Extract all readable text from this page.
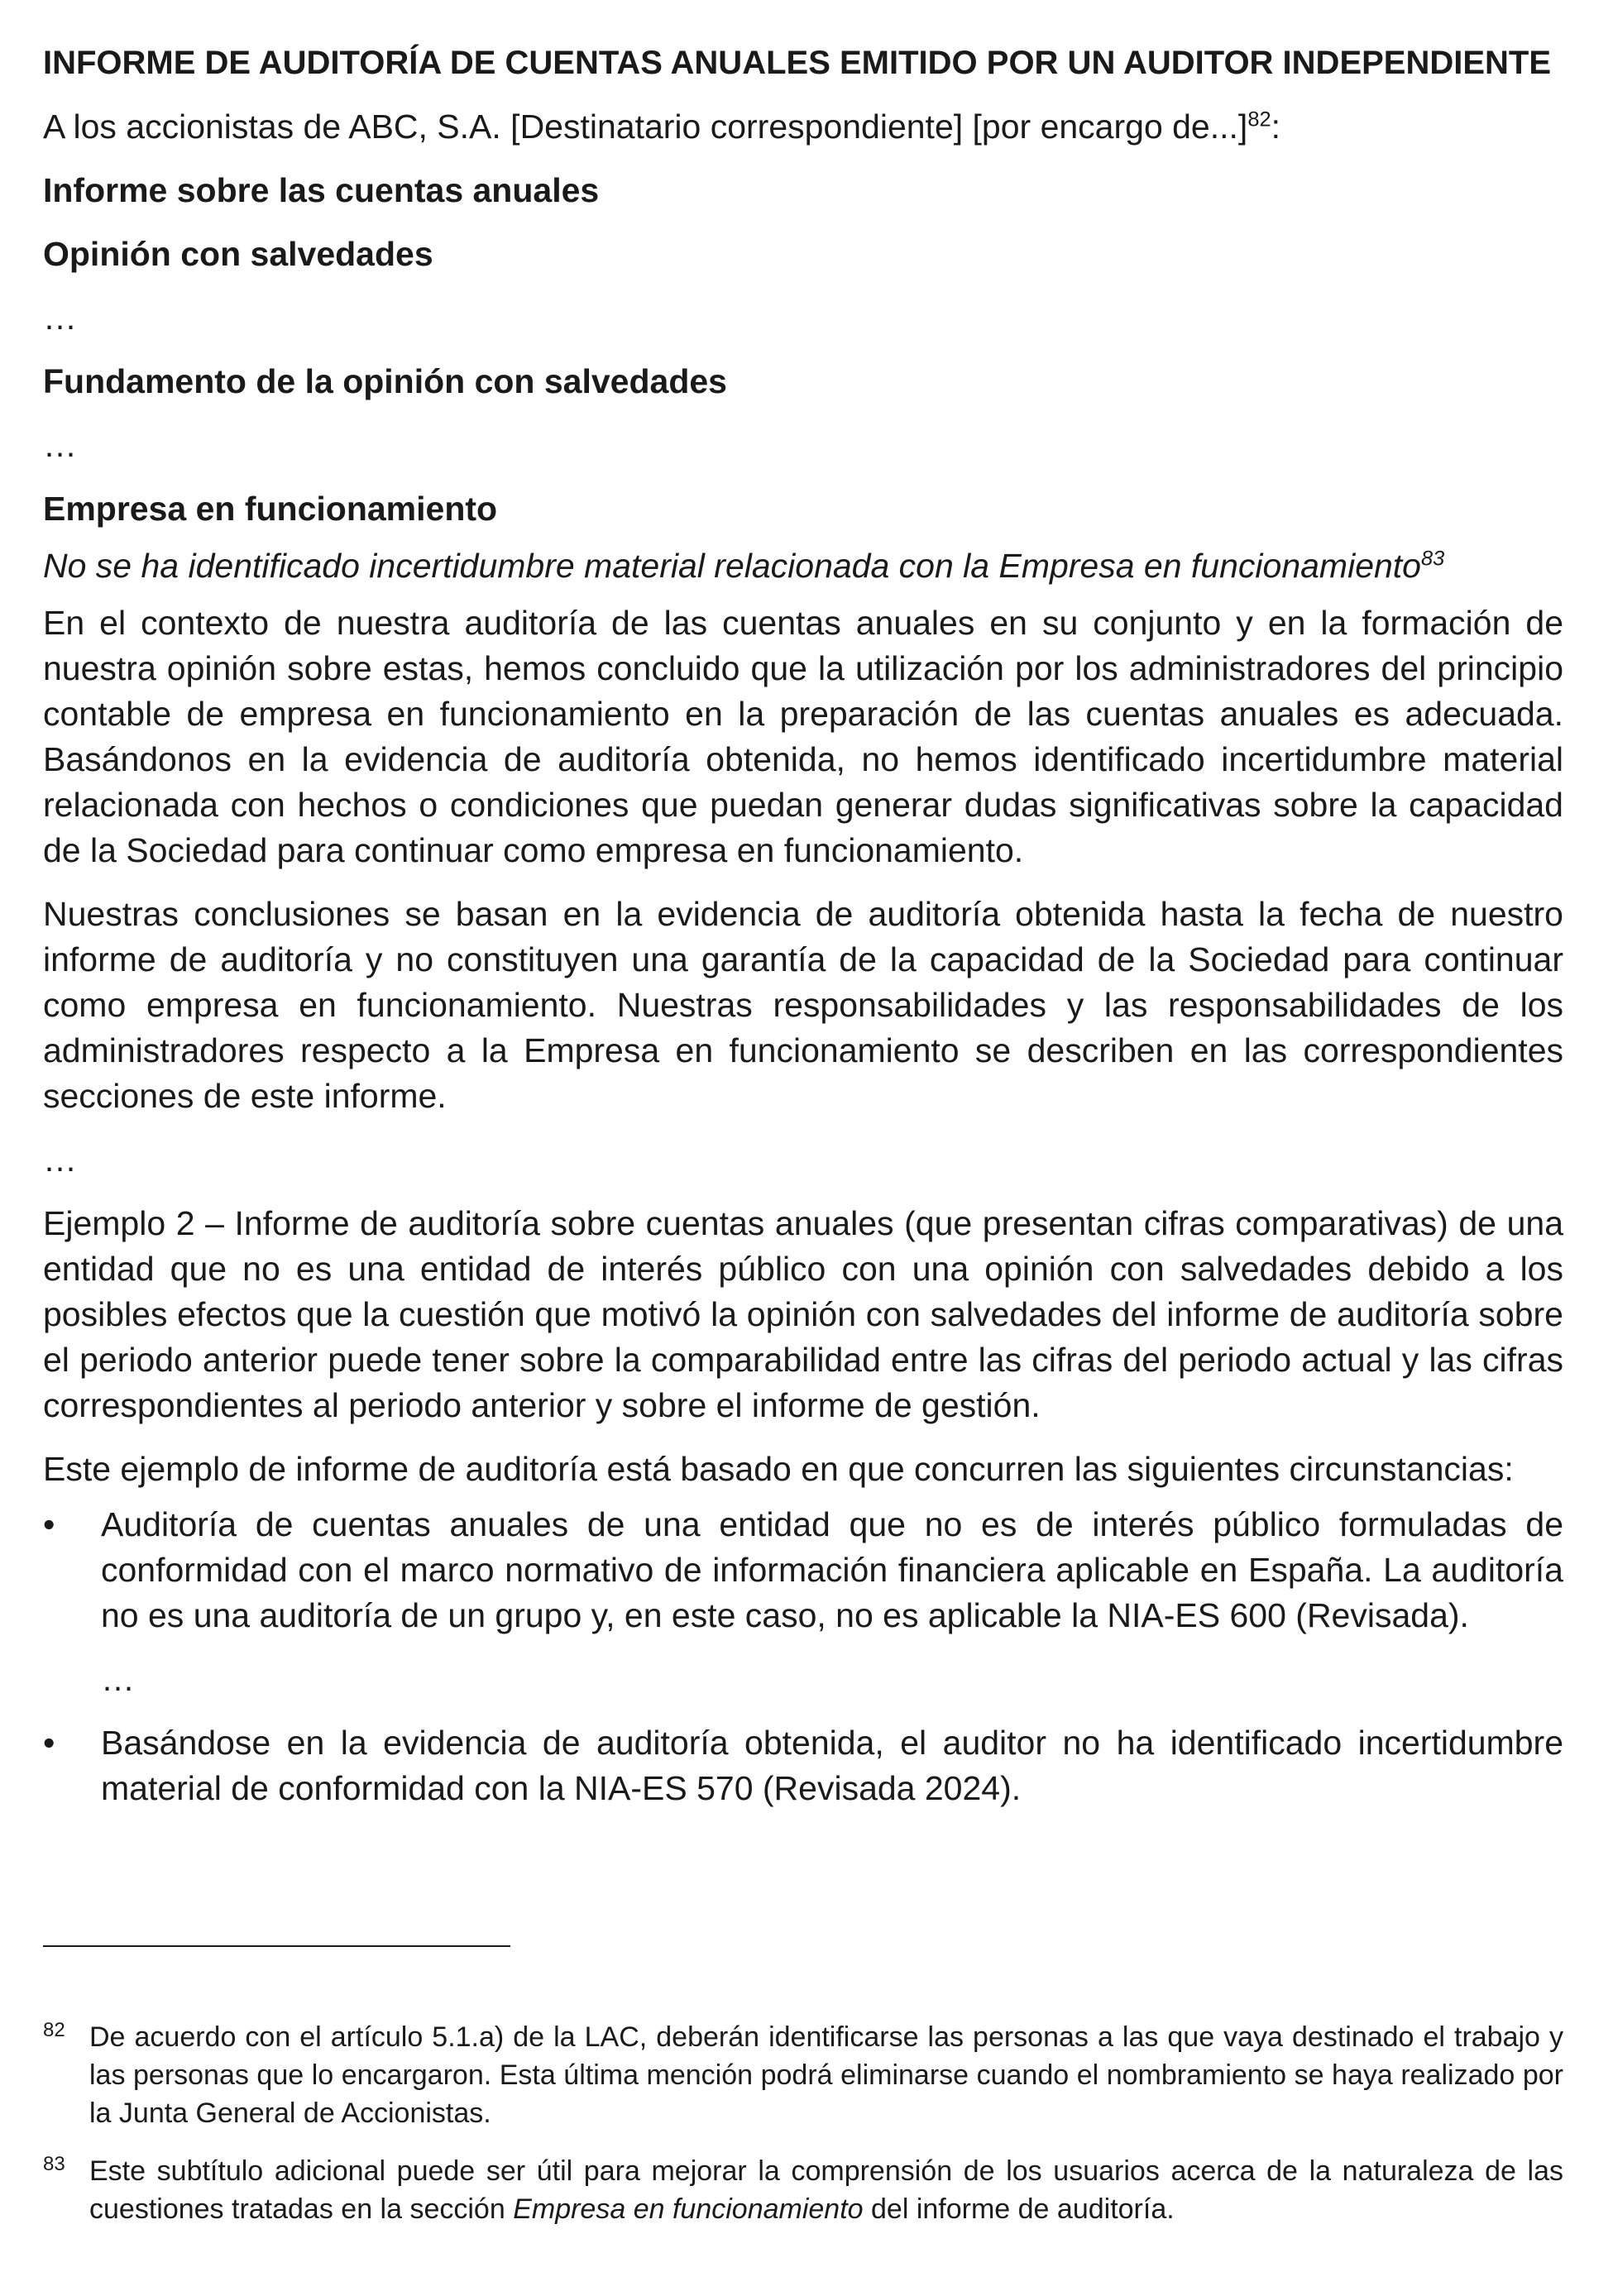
INFORME DE AUDITORÍA DE CUENTAS ANUALES EMITIDO POR UN AUDITOR INDEPENDIENTE

A los accionistas de ABC, S.A. [Destinatario correspondiente] [por encargo de...]$^{82}$:

Informe sobre las cuentas anuales

Opinión con salvedades

…

Fundamento de la opinión con salvedades

…

Empresa en funcionamiento

No se ha identificado incertidumbre material relacionada con la Empresa en funcionamiento$^{83}$

En el contexto de nuestra auditoría de las cuentas anuales en su conjunto y en la formación de nuestra opinión sobre estas, hemos concluido que la utilización por los administradores del principio contable de empresa en funcionamiento en la preparación de las cuentas anuales es adecuada. Basándonos en la evidencia de auditoría obtenida, no hemos identificado incertidumbre material relacionada con hechos o condiciones que puedan generar dudas significativas sobre la capacidad de la Sociedad para continuar como empresa en funcionamiento.

Nuestras conclusiones se basan en la evidencia de auditoría obtenida hasta la fecha de nuestro informe de auditoría y no constituyen una garantía de la capacidad de la Sociedad para continuar como empresa en funcionamiento. Nuestras responsabilidades y las responsabilidades de los administradores respecto a la Empresa en funcionamiento se describen en las correspondientes secciones de este informe.

…

Ejemplo 2 – Informe de auditoría sobre cuentas anuales (que presentan cifras comparativas) de una entidad que no es una entidad de interés público con una opinión con salvedades debido a los posibles efectos que la cuestión que motivó la opinión con salvedades del informe de auditoría sobre el periodo anterior puede tener sobre la comparabilidad entre las cifras del periodo actual y las cifras correspondientes al periodo anterior y sobre el informe de gestión.

Este ejemplo de informe de auditoría está basado en que concurren las siguientes circunstancias:

• Auditoría de cuentas anuales de una entidad que no es de interés público formuladas de conformidad con el marco normativo de información financiera aplicable en España. La auditoría no es una auditoría de un grupo y, en este caso, no es aplicable la NIA-ES 600 (Revisada).

…

• Basándose en la evidencia de auditoría obtenida, el auditor no ha identificado incertidumbre material de conformidad con la NIA-ES 570 (Revisada 2024).
82 De acuerdo con el artículo 5.1.a) de la LAC, deberán identificarse las personas a las que vaya destinado el trabajo y las personas que lo encargaron. Esta última mención podrá eliminarse cuando el nombramiento se haya realizado por la Junta General de Accionistas.
83 Este subtítulo adicional puede ser útil para mejorar la comprensión de los usuarios acerca de la naturaleza de las cuestiones tratadas en la sección Empresa en funcionamiento del informe de auditoría.
